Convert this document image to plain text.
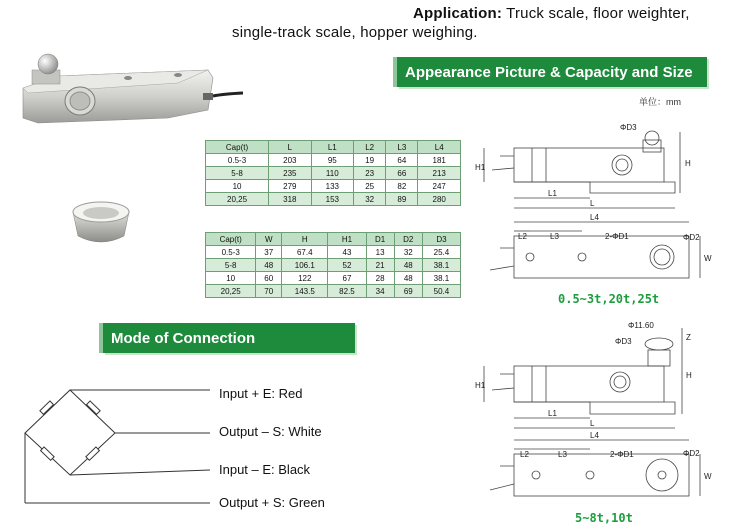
Application: Truck scale, floor weighter,
single-track scale, hopper weighing.
Appearance Picture & Capacity and Size
单位：mm
Cap(t)	L	L1	L2	L3	L4
0.5-3	203	95	19	64	181
5-8	235	110	23	66	213
10	279	133	25	82	247
20,25	318	153	32	89	280
Cap(t)	W	H	H1	D1	D2	D3
0.5-3	37	67.4	43	13	32	25.4
5-8	48	106.1	52	21	48	38.1
10	60	122	67	28	48	38.1
20,25	70	143.5	82.5	34	69	50.4
Mode of Connection
Input + E: Red
Output – S: White
Input – E: Black
Output + S: Green
ΦD3
H
H1
L1
L
L4
L2	L3	2-ΦD1	ΦD2
W
0.5~3t,20t,25t
Φ11.60
ΦD3	Z
H
H1
L1
L
L4
L2	L3	2-ΦD1	ΦD2
W
5~8t,10t
